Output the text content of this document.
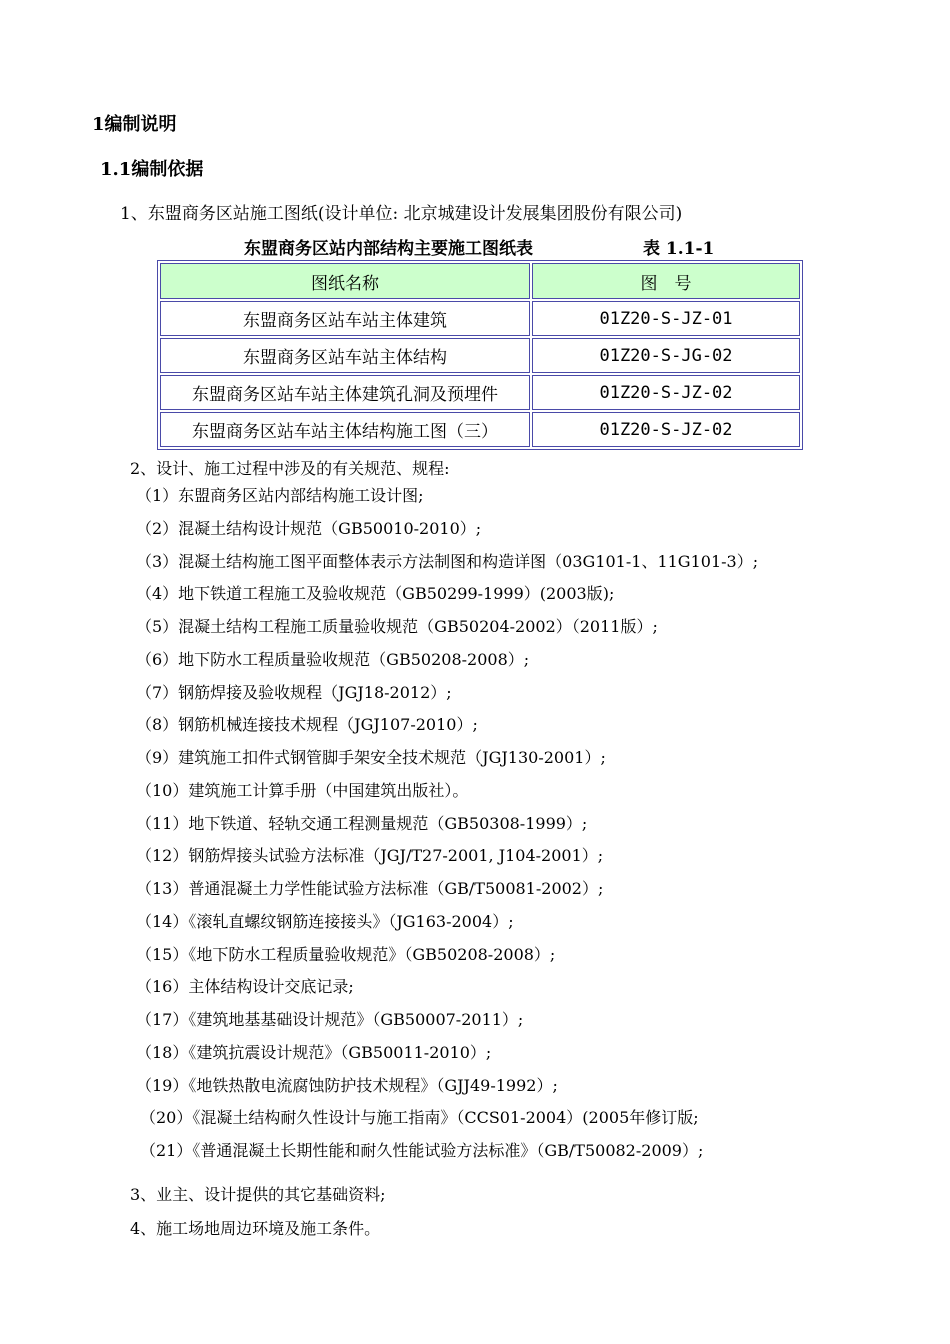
1编制说明
1.1编制依据
1、东盟商务区站施工图纸(设计单位: 北京城建设计发展集团股份有限公司)
东盟商务区站内部结构主要施工图纸表	表 1.1-1
图纸名称	图　号
东盟商务区站车站主体建筑	01Z20-S-JZ-01
东盟商务区站车站主体结构	01Z20-S-JG-02
东盟商务区站车站主体建筑孔洞及预埋件	01Z20-S-JZ-02
东盟商务区站车站主体结构施工图（三）	01Z20-S-JZ-02
2、设计、施工过程中涉及的有关规范、规程:
（1）东盟商务区站内部结构施工设计图;
（2）混凝土结构设计规范（GB50010-2010）;
（3）混凝土结构施工图平面整体表示方法制图和构造详图（03G101-1、11G101-3）;
（4）地下铁道工程施工及验收规范（GB50299-1999）(2003版);
（5）混凝土结构工程施工质量验收规范（GB50204-2002）（2011版）;
（6）地下防水工程质量验收规范（GB50208-2008）;
（7）钢筋焊接及验收规程（JGJ18-2012）;
（8）钢筋机械连接技术规程（JGJ107-2010）;
（9）建筑施工扣件式钢管脚手架安全技术规范（JGJ130-2001）;
（10）建筑施工计算手册（中国建筑出版社）。
（11）地下铁道、轻轨交通工程测量规范（GB50308-1999）;
（12）钢筋焊接头试验方法标准（JGJ/T27-2001, J104-2001）;
（13）普通混凝土力学性能试验方法标准（GB/T50081-2002）;
（14）《滚轧直螺纹钢筋连接接头》（JG163-2004）;
（15）《地下防水工程质量验收规范》（GB50208-2008）;
（16）主体结构设计交底记录;
（17）《建筑地基基础设计规范》（GB50007-2011）;
（18）《建筑抗震设计规范》（GB50011-2010）;
（19）《地铁热散电流腐蚀防护技术规程》（GJJ49-1992）;
（20）《混凝土结构耐久性设计与施工指南》（CCS01-2004）(2005年修订版;
（21）《普通混凝土长期性能和耐久性能试验方法标准》（GB/T50082-2009）;
3、业主、设计提供的其它基础资料;
4、施工场地周边环境及施工条件。
